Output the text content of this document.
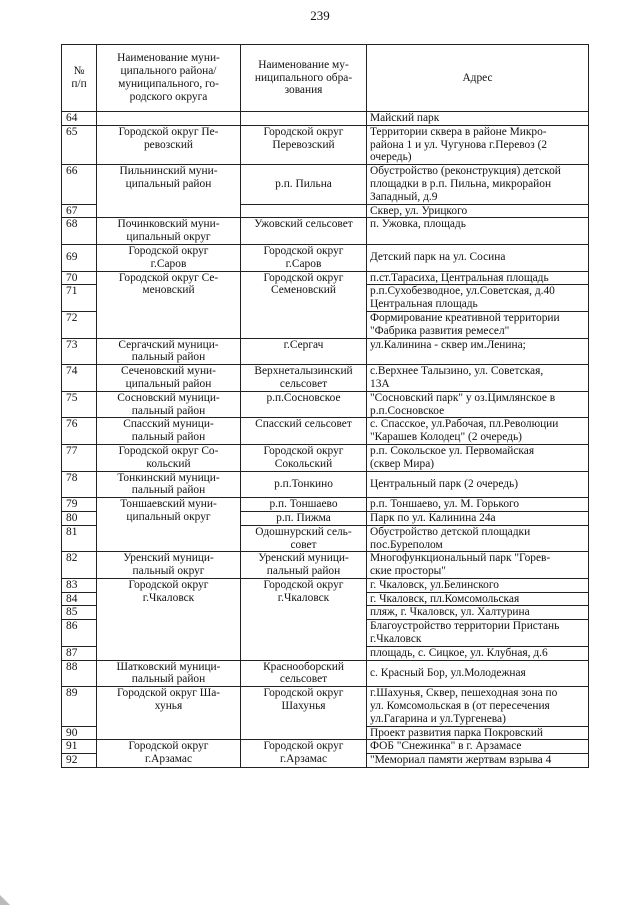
239
№
п/п	Наименование муни-
ципального района/
муниципального, го-
родского округа	Наименование му-
ниципального обра-
зования	Адрес
64			Майский парк
65	Городской округ Пе-
ревозский	Городской округ
Перевозский	Территории сквера в районе Микро-
района 1 и ул. Чугунова г.Перевоз (2
очередь)
66	Пильнинский муни-
ципальный район	р.п. Пильна	Обустройство (реконструкция) детской
площадки в р.п. Пильна, микрорайон
Западный, д.9
67			Сквер, ул. Урицкого
68	Починковский муни-
ципальный округ	Ужовский сельсовет	п. Ужовка, площадь
69	Городской округ
г.Саров	Городской округ
г.Саров	Детский парк на ул. Сосина
70	Городской округ Се-
меновский	Городской округ
Семеновский	п.ст.Тарасиха, Центральная площадь
71			р.п.Сухобезводное, ул.Советская, д.40
Центральная площадь
72			Формирование креативной территории
"Фабрика развития ремесел"
73	Сергачский муници-
пальный район	г.Сергач	ул.Калинина - сквер им.Ленина;
74	Сеченовский муни-
ципальный район	Верхнеталызинский
сельсовет	с.Верхнее Талызино, ул. Советская,
13А
75	Сосновский муници-
пальный район	р.п.Сосновское	"Сосновский парк" у оз.Цимлянское в
р.п.Сосновское
76	Спасский муници-
пальный район	Спасский сельсовет	с. Спасское, ул.Рабочая, пл.Революции
"Карашев Колодец" (2 очередь)
77	Городской округ Со-
кольский	Городской округ
Сокольский	р.п. Сокольское ул. Первомайская
(сквер Мира)
78	Тонкинский муници-
пальный район	р.п.Тонкино	Центральный парк (2 очередь)
79	Тоншаевский муни-
ципальный округ	р.п. Тоншаево	р.п. Тоншаево, ул. М. Горького
80		р.п. Пижма	Парк по ул. Калинина 24а
81		Одошнурский сель-
совет	Обустройство детской площадки
пос.Буреполом
82	Уренский муници-
пальный округ	Уренский муници-
пальный район	Многофункциональный парк "Горев-
ские просторы"
83	Городской округ
г.Чкаловск	Городской округ
г.Чкаловск	г. Чкаловск, ул.Белинского
84			г. Чкаловск, пл.Комсомольская
85			пляж, г. Чкаловск, ул. Халтурина
86			Благоустройство территории Пристань
г.Чкаловск
87			площадь, с. Сицкое, ул. Клубная, д.6
88	Шатковский муници-
пальный район	Краснооборский
сельсовет	с. Красный Бор, ул.Молодежная
89	Городской округ Ша-
хунья	Городской округ
Шахунья	г.Шахунья, Сквер, пешеходная зона по
ул. Комсомольская в (от пересечения
ул.Гагарина и ул.Тургенева)
90			Проект развития парка Покровский
91	Городской округ
г.Арзамас	Городской округ
г.Арзамас	ФОБ "Снежинка" в г. Арзамасе
92			"Мемориал памяти жертвам взрыва 4
